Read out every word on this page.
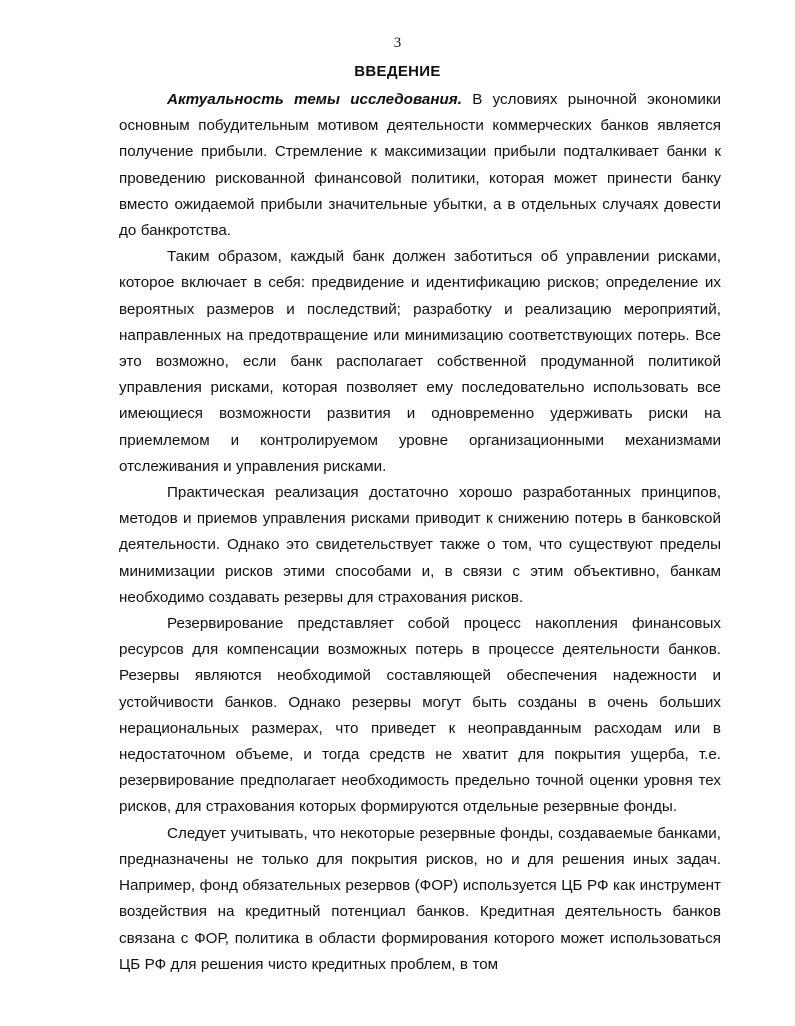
3
ВВЕДЕНИЕ

Актуальность темы исследования. В условиях рыночной экономики основным побудительным мотивом деятельности коммерческих банков является получение прибыли. Стремление к максимизации прибыли подталкивает банки к проведению рискованной финансовой политики, которая может принести банку вместо ожидаемой прибыли значительные убытки, а в отдельных случаях довести до банкротства.

Таким образом, каждый банк должен заботиться об управлении рисками, которое включает в себя: предвидение и идентификацию рисков; определение их вероятных размеров и последствий; разработку и реализацию мероприятий, направленных на предотвращение или минимизацию соответствующих потерь. Все это возможно, если банк располагает собственной продуманной политикой управления рисками, которая позволяет ему последовательно использовать все имеющиеся возможности развития и одновременно удерживать риски на приемлемом и контролируемом уровне организационными механизмами отслеживания и управления рисками.

Практическая реализация достаточно хорошо разработанных принципов, методов и приемов управления рисками приводит к снижению потерь в банковской деятельности. Однако это свидетельствует также о том, что существуют пределы минимизации рисков этими способами и, в связи с этим объективно, банкам необходимо создавать резервы для страхования рисков.

Резервирование представляет собой процесс накопления финансовых ресурсов для компенсации возможных потерь в процессе деятельности банков. Резервы являются необходимой составляющей обеспечения надежности и устойчивости банков. Однако резервы могут быть созданы в очень больших нерациональных размерах, что приведет к неоправданным расходам или в недостаточном объеме, и тогда средств не хватит для покрытия ущерба, т.е. резервирование предполагает необходимость предельно точной оценки уровня тех рисков, для страхования которых формируются отдельные резервные фонды.

Следует учитывать, что некоторые резервные фонды, создаваемые банками, предназначены не только для покрытия рисков, но и для решения иных задач. Например, фонд обязательных резервов (ФОР) используется ЦБ РФ как инструмент воздействия на кредитный потенциал банков. Кредитная деятельность банков связана с ФОР, политика в области формирования которого может использоваться ЦБ РФ для решения чисто кредитных проблем, в том
